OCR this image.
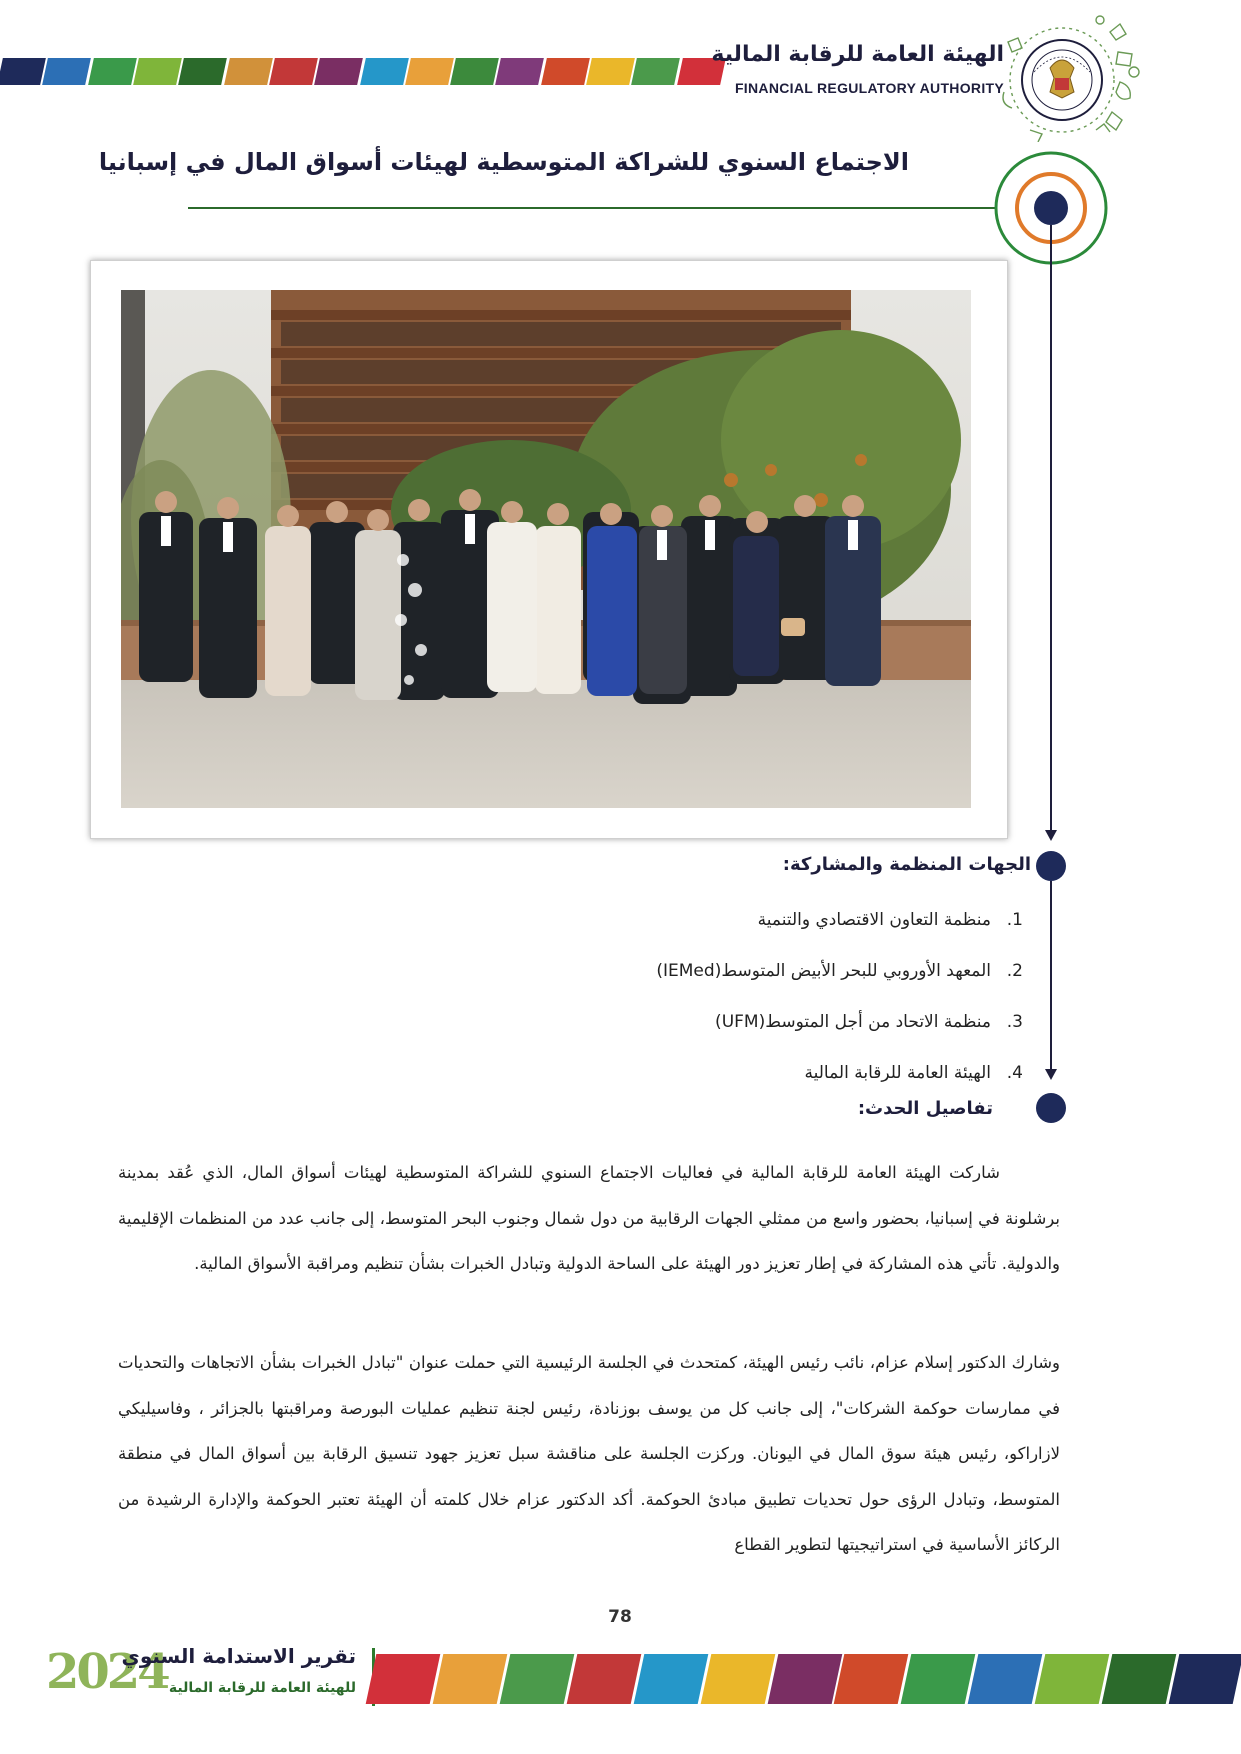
الهيئة العامة للرقابة المالية
FINANCIAL REGULATORY AUTHORITY
الاجتماع السنوي للشراكة المتوسطية لهيئات أسواق المال في إسبانيا
الجهات المنظمة والمشاركة:
1.
منظمة التعاون الاقتصادي والتنمية
2.
المعهد الأوروبي للبحر الأبيض المتوسط(IEMed)
3.
منظمة الاتحاد من أجل المتوسط(UFM)
4.
الهيئة العامة للرقابة المالية
تفاصيل الحدث:
شاركت الهيئة العامة للرقابة المالية في فعاليات الاجتماع السنوي للشراكة المتوسطية لهيئات أسواق المال، الذي عُقد بمدينة برشلونة في إسبانيا، بحضور واسع من ممثلي الجهات الرقابية من دول شمال وجنوب البحر المتوسط، إلى جانب عدد من المنظمات الإقليمية والدولية. تأتي هذه المشاركة في إطار تعزيز دور الهيئة على الساحة الدولية وتبادل الخبرات بشأن تنظيم ومراقبة الأسواق المالية.
وشارك الدكتور إسلام عزام، نائب رئيس الهيئة، كمتحدث في الجلسة الرئيسية التي حملت عنوان "تبادل الخبرات بشأن الاتجاهات والتحديات في ممارسات حوكمة الشركات"، إلى جانب كل من يوسف بوزنادة، رئيس لجنة تنظيم عمليات البورصة ومراقبتها بالجزائر ، وفاسيليكي لازاراكو، رئيس هيئة سوق المال في اليونان. وركزت الجلسة على مناقشة سبل تعزيز جهود تنسيق الرقابة بين أسواق المال في منطقة المتوسط، وتبادل الرؤى حول تحديات تطبيق مبادئ الحوكمة. أكد الدكتور عزام خلال كلمته أن الهيئة تعتبر الحوكمة والإدارة الرشيدة من الركائز الأساسية في استراتيجيتها لتطوير القطاع
78
2024
تقرير الاستدامة السنوي
للهيئة العامة للرقابة المالية
